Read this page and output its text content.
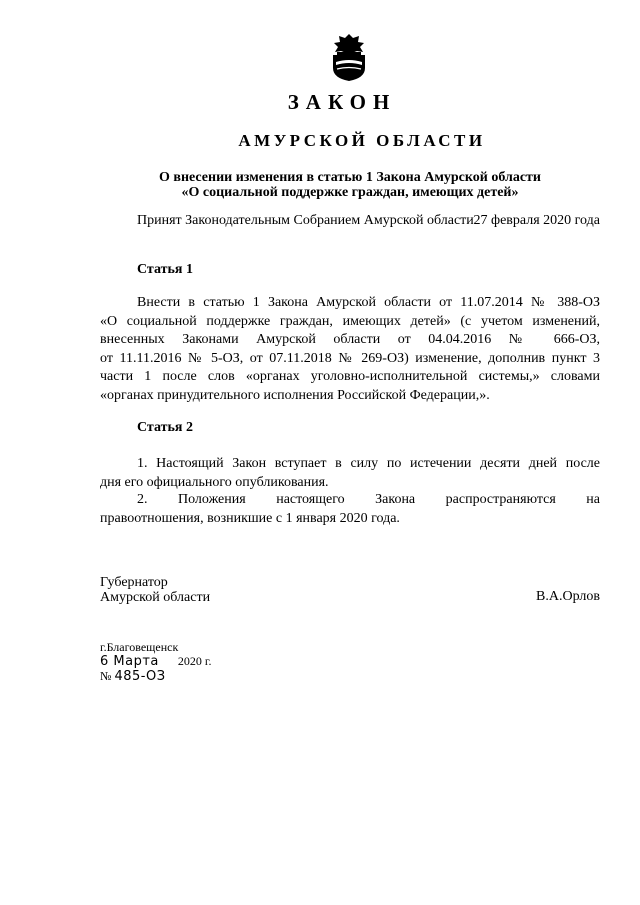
ЗАКОН
АМУРСКОЙ ОБЛАСТИ
О внесении изменения в статью 1 Закона Амурской области
«О социальной поддержке граждан, имеющих детей»
Принят Законодательным Собранием Амурской области 27 февраля 2020 года
Статья 1
Внести в статью 1 Закона Амурской области от 11.07.2014 № 388-ОЗ
«О социальной поддержке граждан, имеющих детей» (с учетом изменений,
внесенных Законами Амурской области от 04.04.2016 № 666-ОЗ,
от 11.11.2016 № 5-ОЗ, от 07.11.2018 № 269-ОЗ) изменение, дополнив пункт 3
части 1 после слов «органах уголовно-исполнительной системы,» словами
«органах принудительного исполнения Российской Федерации,».
Статья 2
1. Настоящий Закон вступает в силу по истечении десяти дней после
дня его официального опубликования.
2. Положения настоящего Закона распространяются на
правоотношения, возникшие с 1 января 2020 года.
Губернатор
Амурской области	В.А.Орлов
г.Благовещенск
6 Марта 2020 г.
№ 485-ОЗ
